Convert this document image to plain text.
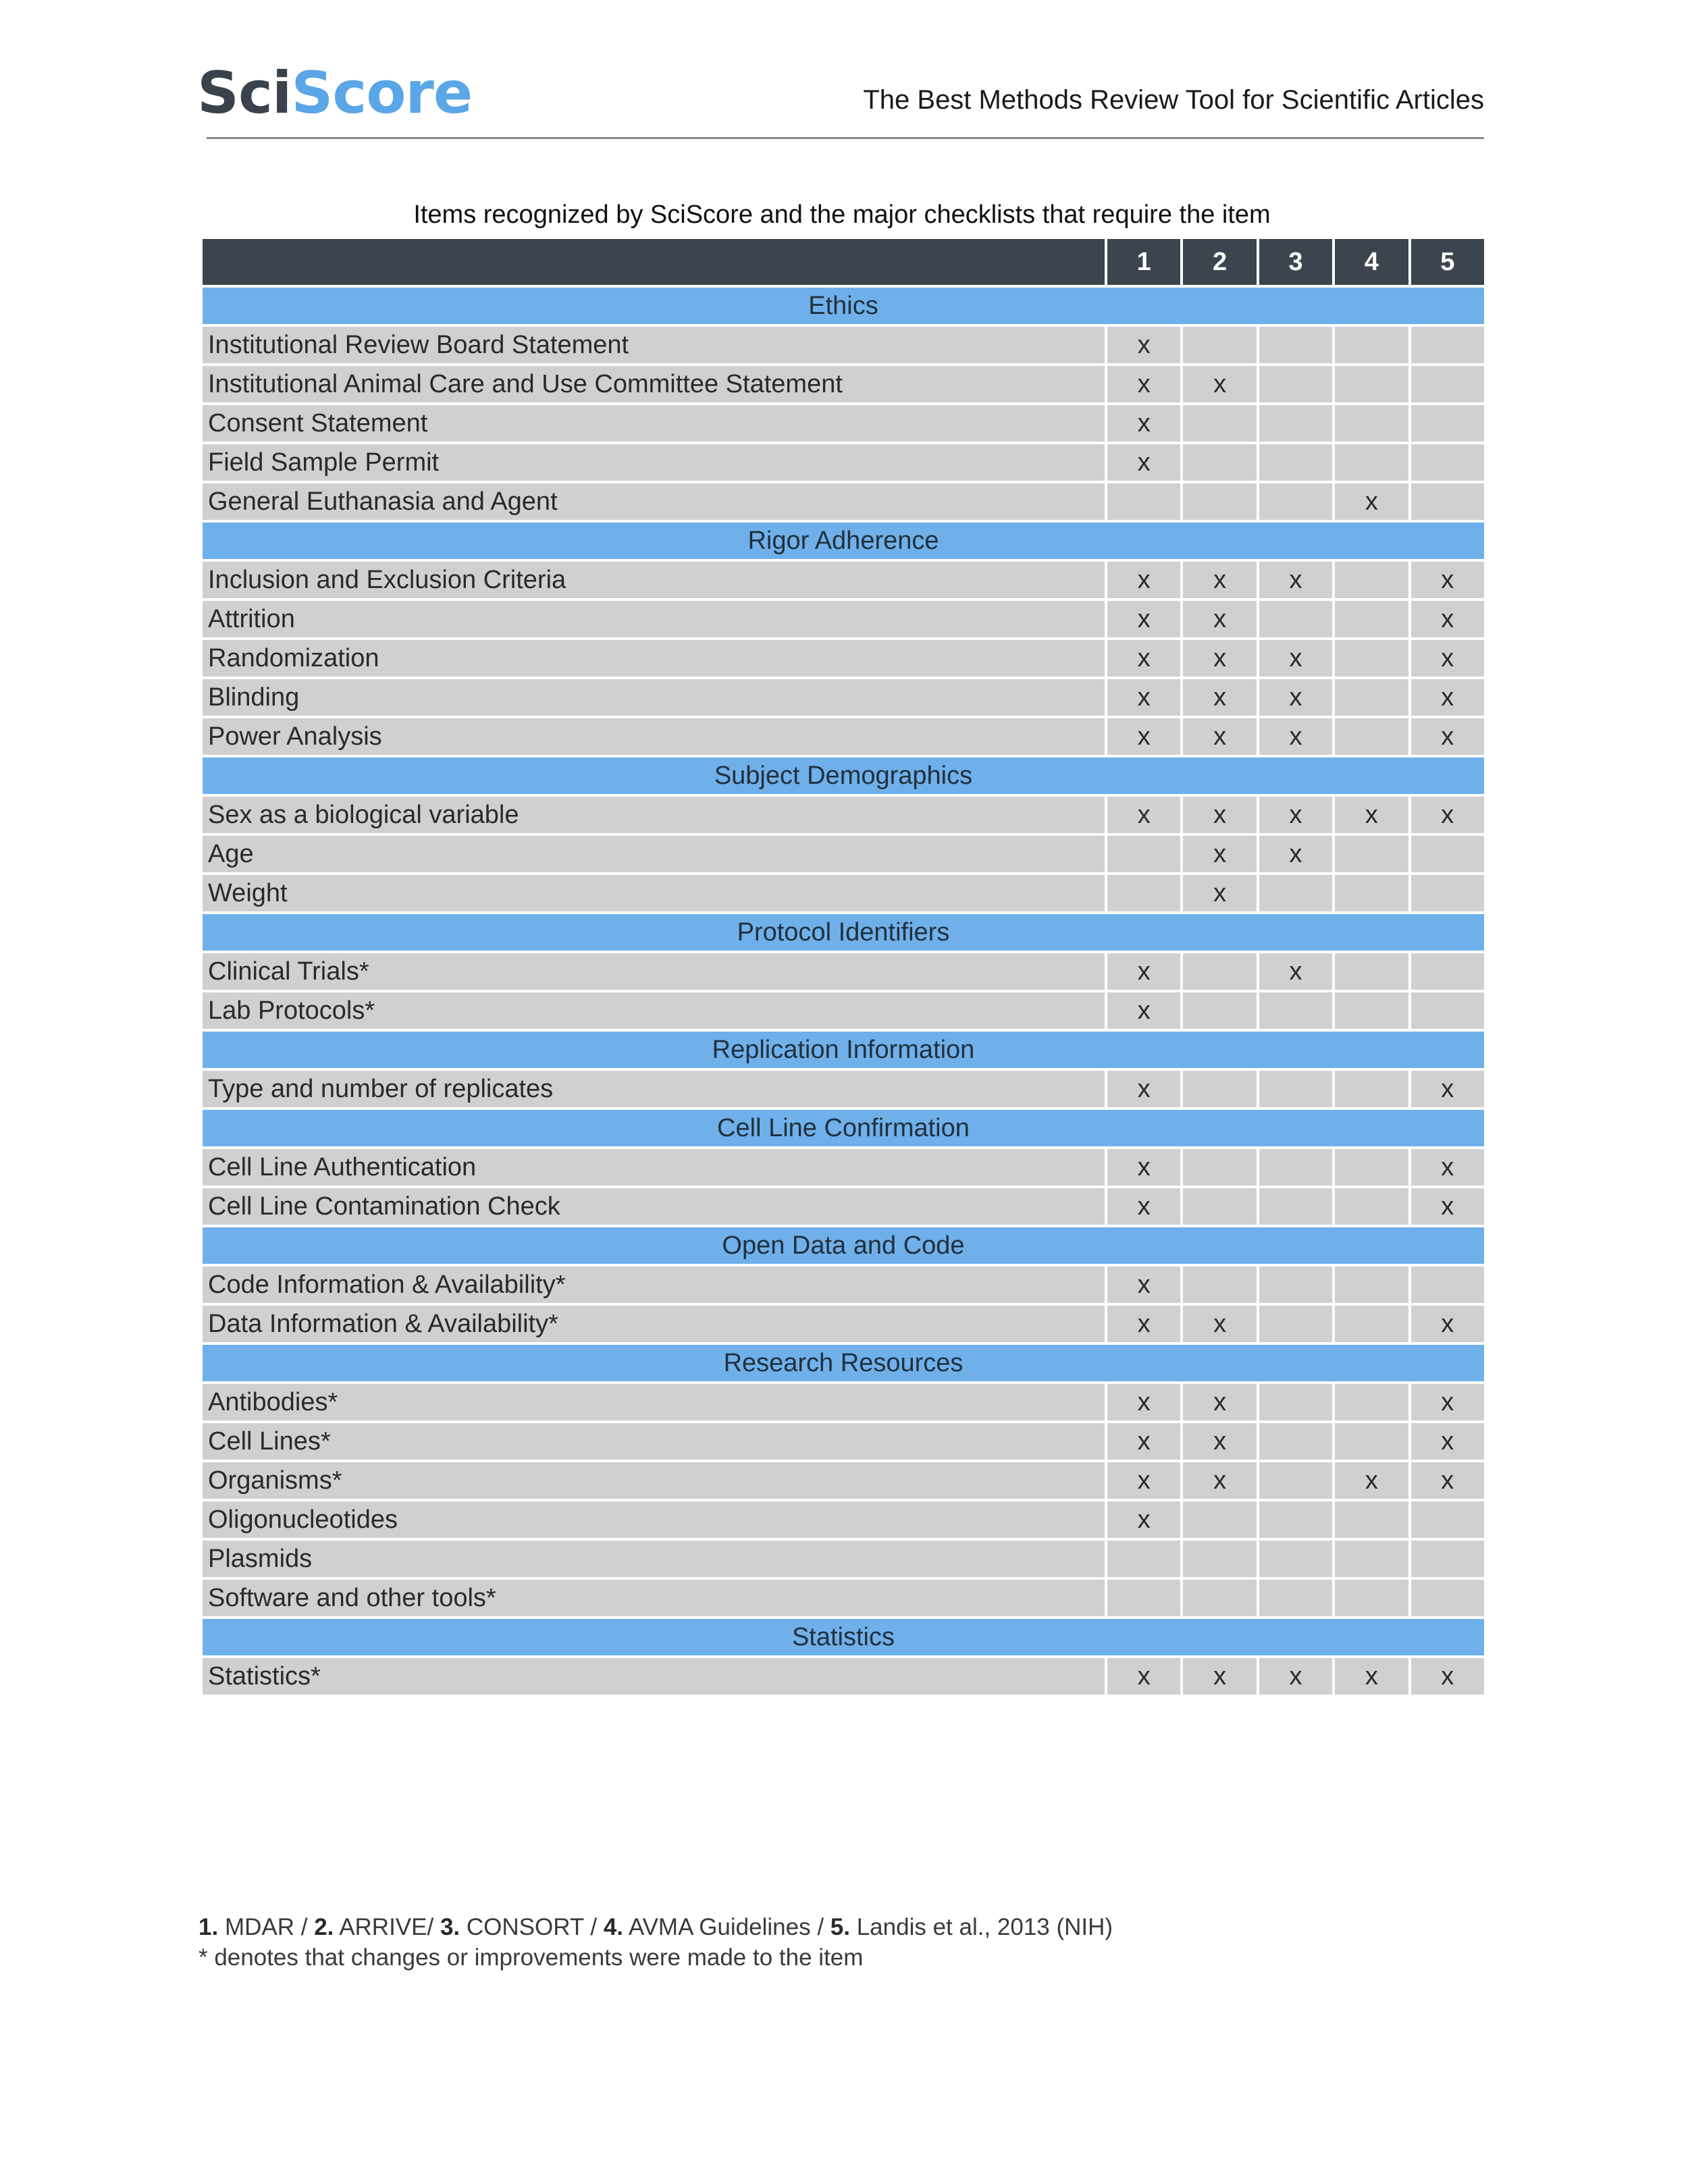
SciScore	The Best Methods Review Tool for Scientific Articles
Items recognized by SciScore and the major checklists that require the item
	1	2	3	4	5
Ethics					
Institutional Review Board Statement	x				
Institutional Animal Care and Use Committee Statement	x	x			
Consent Statement	x				
Field Sample Permit	x				
General Euthanasia and Agent				x	
Rigor Adherence					
Inclusion and Exclusion Criteria	x	x	x		x
Attrition	x	x			x
Randomization	x	x	x		x
Blinding	x	x	x		x
Power Analysis	x	x	x		x
Subject Demographics					
Sex as a biological variable	x	x	x	x	x
Age		x	x		
Weight		x			
Protocol Identifiers					
Clinical Trials*	x		x		
Lab Protocols*	x				
Replication Information					
Type and number of replicates	x				x
Cell Line Confirmation					
Cell Line Authentication	x				x
Cell Line Contamination Check	x				x
Open Data and Code					
Code Information & Availability*	x				
Data Information & Availability*	x	x			x
Research Resources					
Antibodies*	x	x			x
Cell Lines*	x	x			x
Organisms*	x	x		x	x
Oligonucleotides	x				
Plasmids					
Software and other tools*					
Statistics					
Statistics*	x	x	x	x	x
1. MDAR / 2. ARRIVE/ 3. CONSORT / 4. AVMA Guidelines / 5. Landis et al., 2013 (NIH)
* denotes that changes or improvements were made to the item
